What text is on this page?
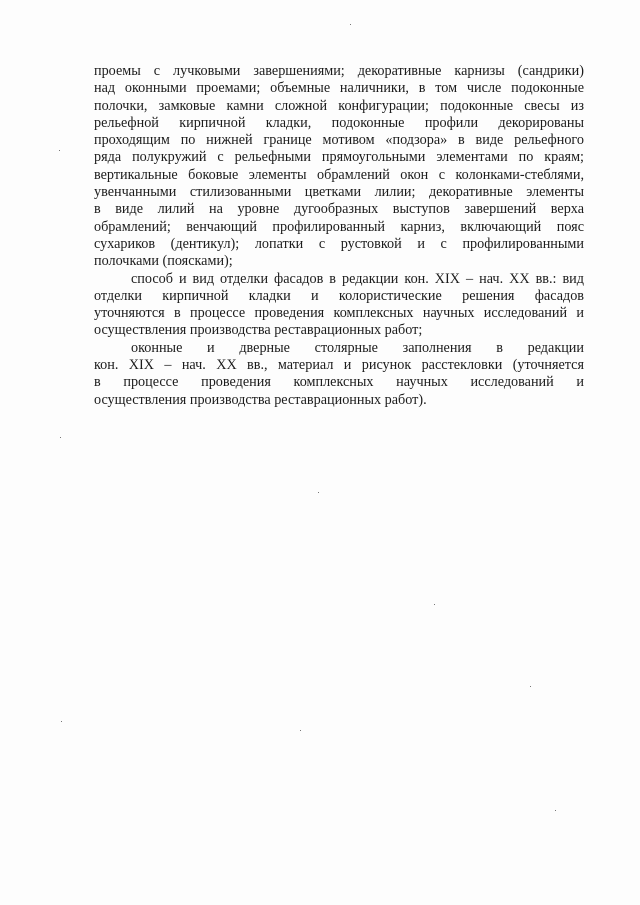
проемы с лучковыми завершениями; декоративные карнизы (сандрики)
над оконными проемами; объемные наличники, в том числе подоконные
полочки, замковые камни сложной конфигурации; подоконные свесы из
рельефной кирпичной кладки, подоконные профили декорированы
проходящим по нижней границе мотивом «подзора» в виде рельефного
ряда полукружий с рельефными прямоугольными элементами по краям;
вертикальные боковые элементы обрамлений окон с колонками-стеблями,
увенчанными стилизованными цветками лилии; декоративные элементы
в виде лилий на уровне дугообразных выступов завершений верха
обрамлений; венчающий профилированный карниз, включающий пояс
сухариков (дентикул); лопатки с рустовкой и с профилированными
полочками (поясками);
способ и вид отделки фасадов в редакции кон. XIX – нач. XX вв.: вид
отделки кирпичной кладки и колористические решения фасадов
уточняются в процессе проведения комплексных научных исследований и
осуществления производства реставрационных работ;
оконные и дверные столярные заполнения в редакции
кон. XIX – нач. XX вв., материал и рисунок расстекловки (уточняется
в процессе проведения комплексных научных исследований и
осуществления производства реставрационных работ).
